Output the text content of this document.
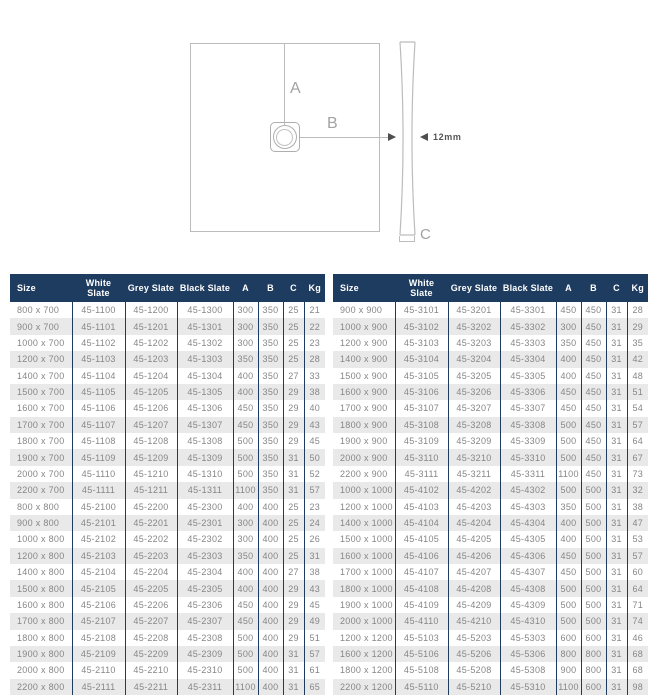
A
B
12mm
C
Size	White Slate	Grey Slate	Black Slate	A	B	C	Kg
800 x 700	45-1100	45-1200	45-1300	300	350	25	21
900 x 700	45-1101	45-1201	45-1301	300	350	25	22
1000 x 700	45-1102	45-1202	45-1302	300	350	25	23
1200 x 700	45-1103	45-1203	45-1303	350	350	25	28
1400 x 700	45-1104	45-1204	45-1304	400	350	27	33
1500 x 700	45-1105	45-1205	45-1305	400	350	29	38
1600 x 700	45-1106	45-1206	45-1306	450	350	29	40
1700 x 700	45-1107	45-1207	45-1307	450	350	29	43
1800 x 700	45-1108	45-1208	45-1308	500	350	29	45
1900 x 700	45-1109	45-1209	45-1309	500	350	31	50
2000 x 700	45-1110	45-1210	45-1310	500	350	31	52
2200 x 700	45-1111	45-1211	45-1311	1100	350	31	57
800 x 800	45-2100	45-2200	45-2300	400	400	25	23
900 x 800	45-2101	45-2201	45-2301	300	400	25	24
1000 x 800	45-2102	45-2202	45-2302	300	400	25	26
1200 x 800	45-2103	45-2203	45-2303	350	400	25	31
1400 x 800	45-2104	45-2204	45-2304	400	400	27	38
1500 x 800	45-2105	45-2205	45-2305	400	400	29	43
1600 x 800	45-2106	45-2206	45-2306	450	400	29	45
1700 x 800	45-2107	45-2207	45-2307	450	400	29	49
1800 x 800	45-2108	45-2208	45-2308	500	400	29	51
1900 x 800	45-2109	45-2209	45-2309	500	400	31	57
2000 x 800	45-2110	45-2210	45-2310	500	400	31	61
2200 x 800	45-2111	45-2211	45-2311	1100	400	31	65
Size	White Slate	Grey Slate	Black Slate	A	B	C	Kg
900 x 900	45-3101	45-3201	45-3301	450	450	31	28
1000 x 900	45-3102	45-3202	45-3302	300	450	31	29
1200 x 900	45-3103	45-3203	45-3303	350	450	31	35
1400 x 900	45-3104	45-3204	45-3304	400	450	31	42
1500 x 900	45-3105	45-3205	45-3305	400	450	31	48
1600 x 900	45-3106	45-3206	45-3306	450	450	31	51
1700 x 900	45-3107	45-3207	45-3307	450	450	31	54
1800 x 900	45-3108	45-3208	45-3308	500	450	31	57
1900 x 900	45-3109	45-3209	45-3309	500	450	31	64
2000 x 900	45-3110	45-3210	45-3310	500	450	31	67
2200 x 900	45-3111	45-3211	45-3311	1100	450	31	73
1000 x 1000	45-4102	45-4202	45-4302	500	500	31	32
1200 x 1000	45-4103	45-4203	45-4303	350	500	31	38
1400 x 1000	45-4104	45-4204	45-4304	400	500	31	47
1500 x 1000	45-4105	45-4205	45-4305	400	500	31	53
1600 x 1000	45-4106	45-4206	45-4306	450	500	31	57
1700 x 1000	45-4107	45-4207	45-4307	450	500	31	60
1800 x 1000	45-4108	45-4208	45-4308	500	500	31	64
1900 x 1000	45-4109	45-4209	45-4309	500	500	31	71
2000 x 1000	45-4110	45-4210	45-4310	500	500	31	74
1200 x 1200	45-5103	45-5203	45-5303	600	600	31	46
1600 x 1200	45-5106	45-5206	45-5306	800	800	31	68
1800 x 1200	45-5108	45-5208	45-5308	900	800	31	68
2200 x 1200	45-5110	45-5210	45-5310	1100	600	31	98
